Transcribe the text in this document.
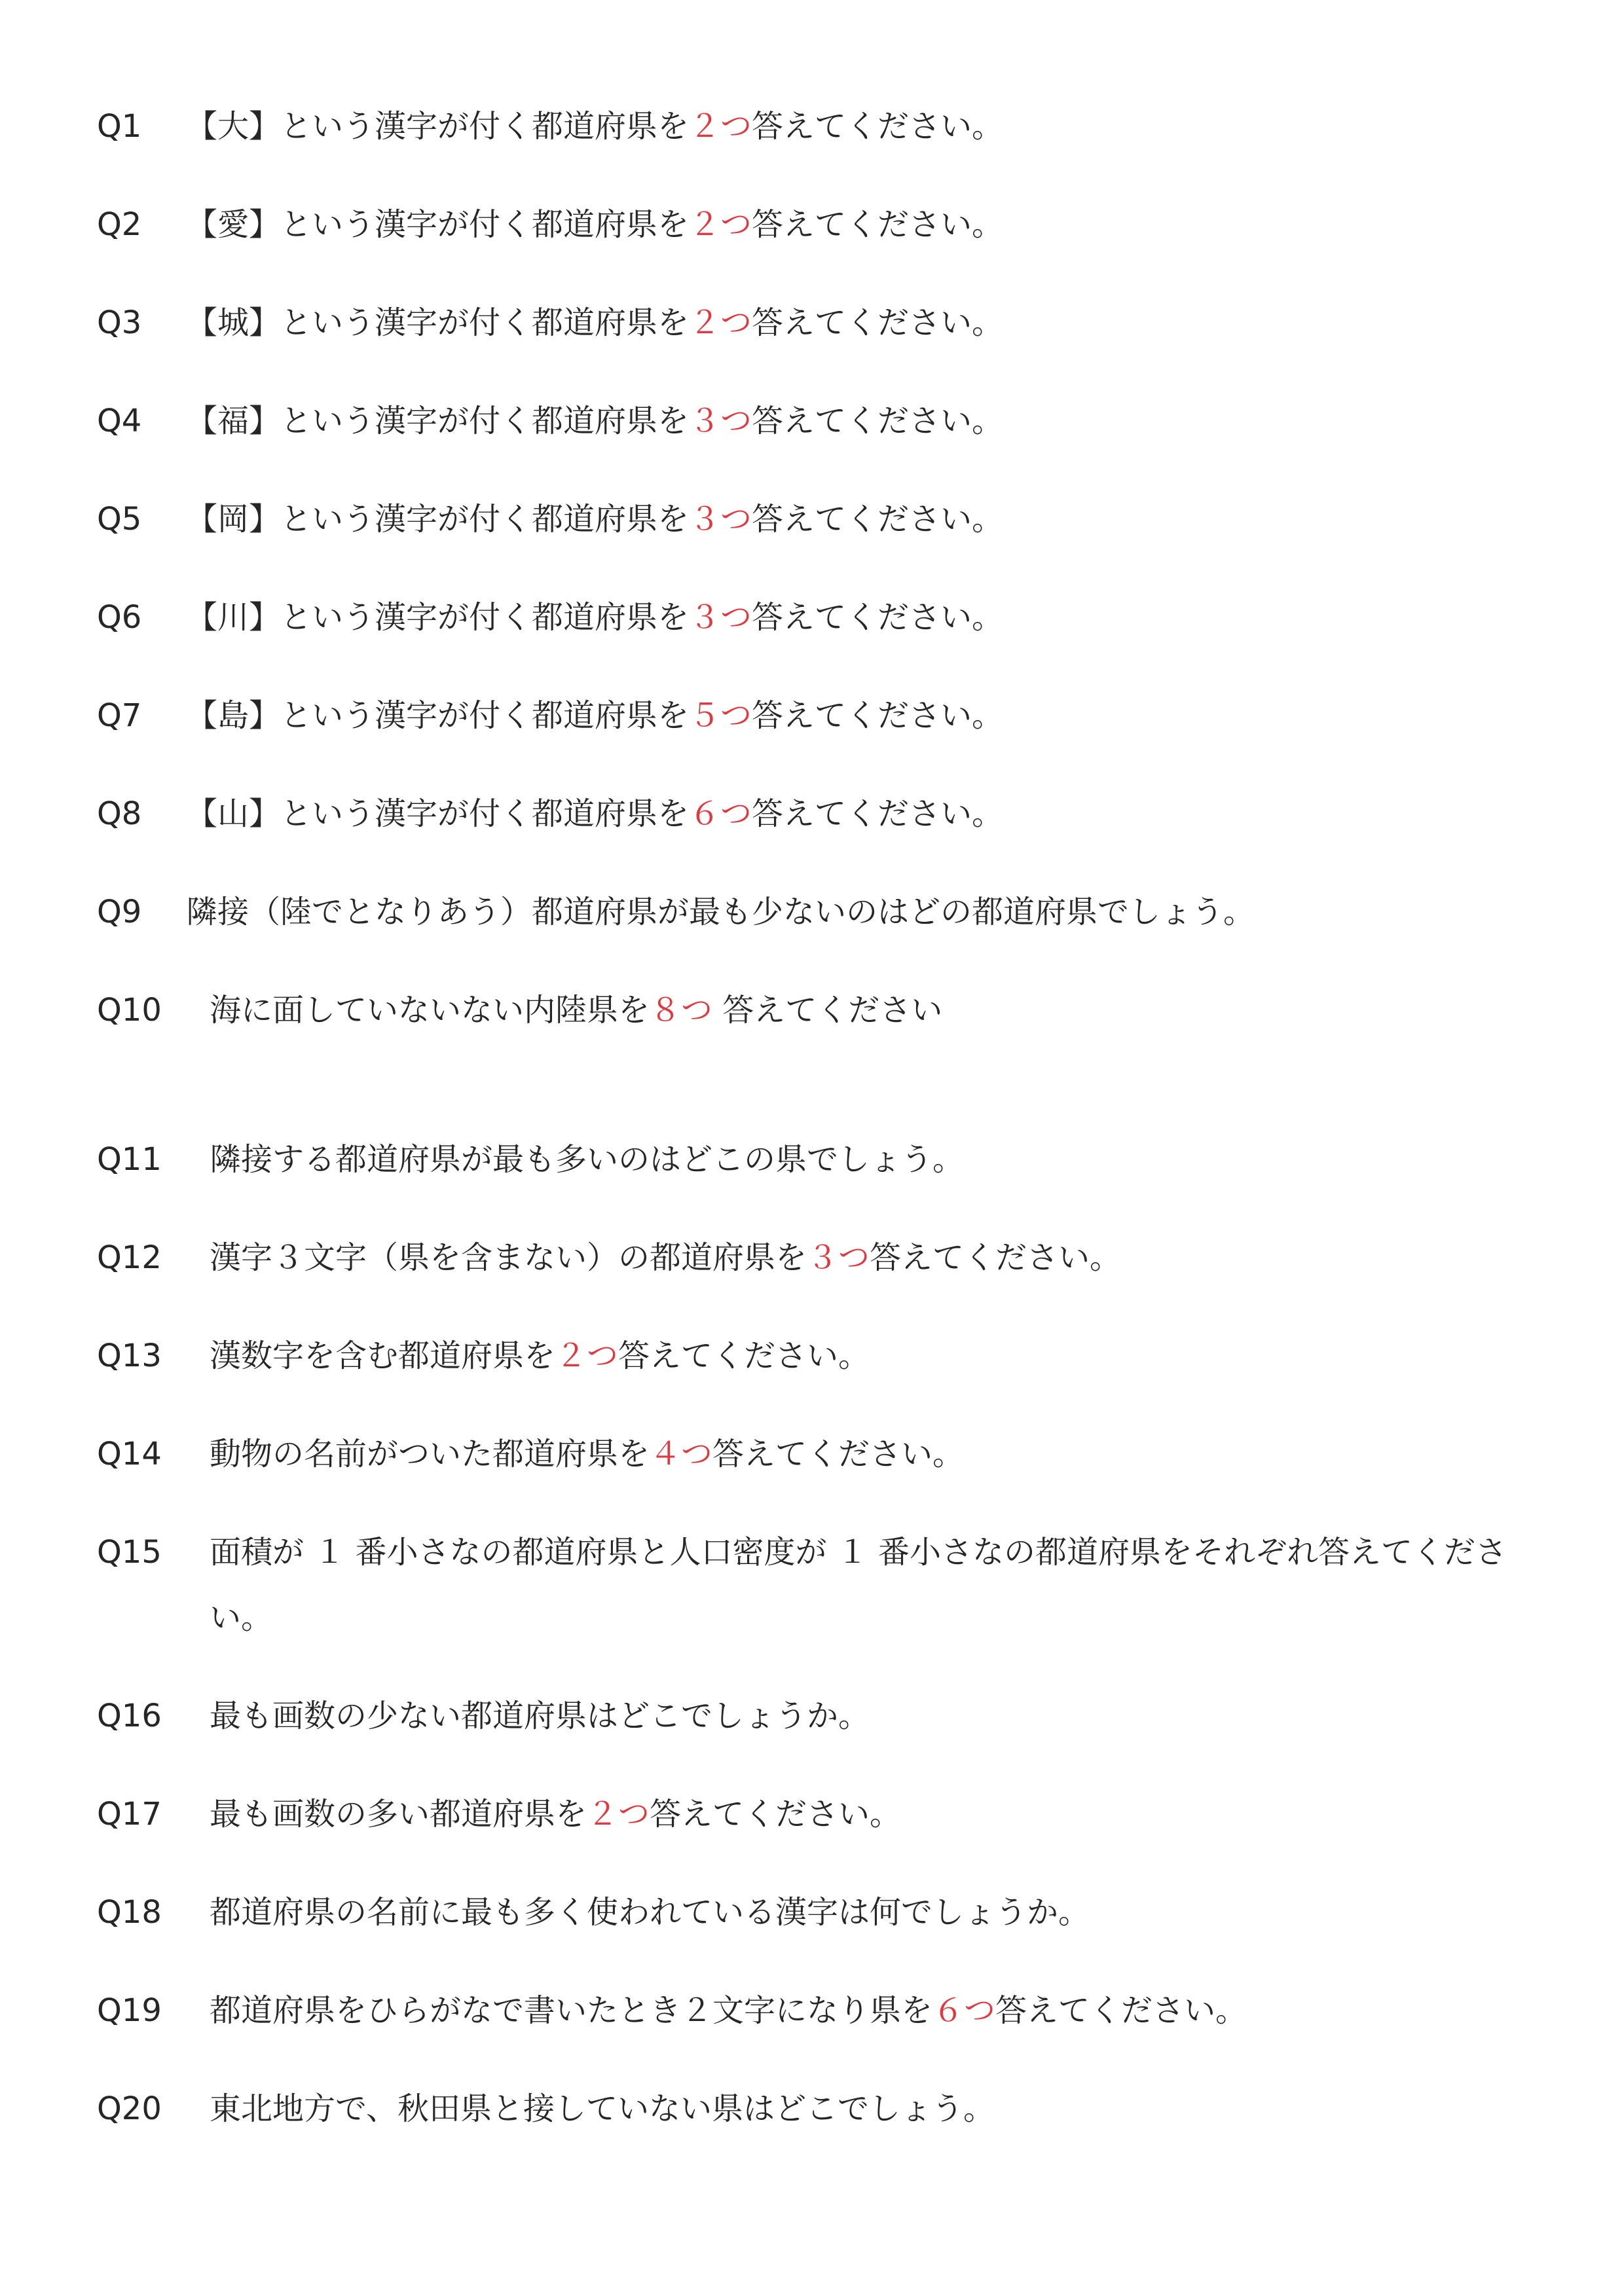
Q1 【大】という漢字が付く都道府県を２つ答えてください。
Q2 【愛】という漢字が付く都道府県を２つ答えてください。
Q3 【城】という漢字が付く都道府県を２つ答えてください。
Q4 【福】という漢字が付く都道府県を３つ答えてください。
Q5 【岡】という漢字が付く都道府県を３つ答えてください。
Q6 【川】という漢字が付く都道府県を３つ答えてください。
Q7 【島】という漢字が付く都道府県を５つ答えてください。
Q8 【山】という漢字が付く都道府県を６つ答えてください。
Q9 隣接（陸でとなりあう）都道府県が最も少ないのはどの都道府県でしょう。
Q10 海に面していないない内陸県を８つ 答えてください
Q11 隣接する都道府県が最も多いのはどこの県でしょう。
Q12 漢字３文字（県を含まない）の都道府県を３つ答えてください。
Q13 漢数字を含む都道府県を２つ答えてください。
Q14 動物の名前がついた都道府県を４つ答えてください。
Q15 面積が １ 番小さなの都道府県と人口密度が １ 番小さなの都道府県をそれぞれ答えてください。
Q16 最も画数の少ない都道府県はどこでしょうか。
Q17 最も画数の多い都道府県を２つ答えてください。
Q18 都道府県の名前に最も多く使われている漢字は何でしょうか。
Q19 都道府県をひらがなで書いたとき２文字になり県を６つ答えてください。
Q20 東北地方で、秋田県と接していない県はどこでしょう。
